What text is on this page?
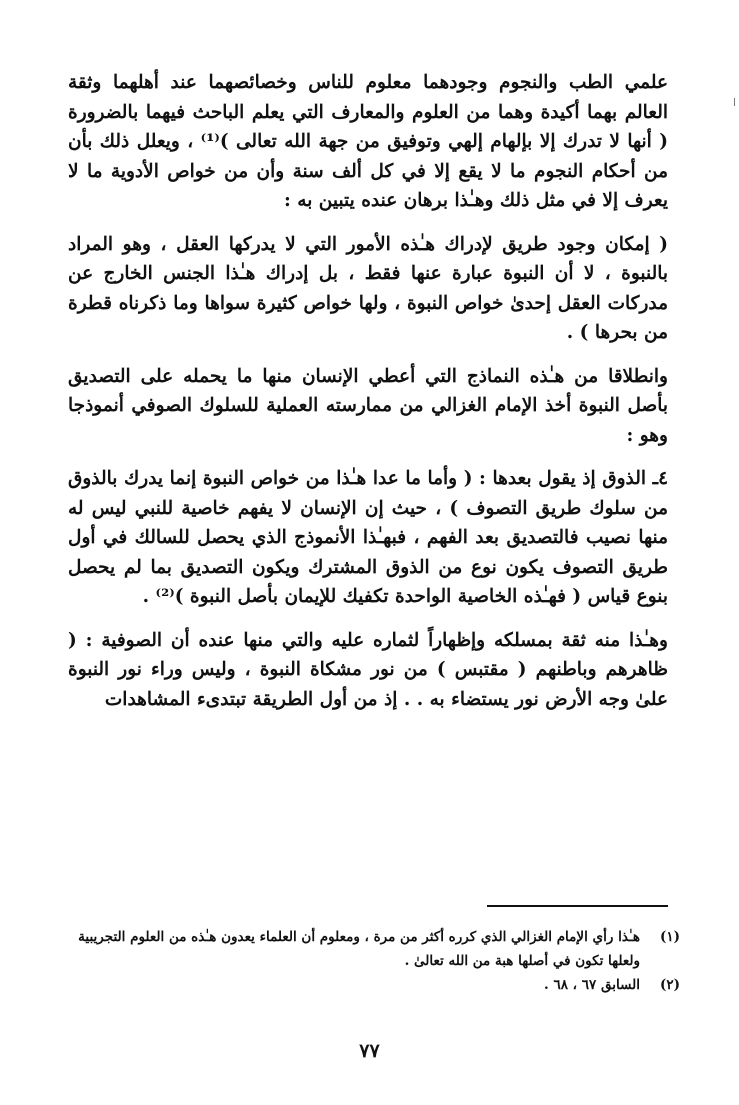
علمي الطب والنجوم وجودهما معلوم للناس وخصائصهما عند أهلهما وثقة العالم بهما أكيدة وهما من العلوم والمعارف التي يعلم الباحث فيهما بالضرورة ( أنها لا تدرك إلا بإلهام إلهي وتوفيق من جهة الله تعالى )⁽¹⁾ ، ويعلل ذلك بأن من أحكام النجوم ما لا يقع إلا في كل ألف سنة وأن من خواص الأدوية ما لا يعرف إلا في مثل ذلك وهـٰذا برهان عنده يتبين به :

( إمكان وجود طريق لإدراك هـٰذه الأمور التي لا يدركها العقل ، وهو المراد بالنبوة ، لا أن النبوة عبارة عنها فقط ، بل إدراك هـٰذا الجنس الخارج عن مدركات العقل إحدىٰ خواص النبوة ، ولها خواص كثيرة سواها وما ذكرناه قطرة من بحرها ) .

وانطلاقا من هـٰذه النماذج التي أعطي الإنسان منها ما يحمله على التصديق بأصل النبوة أخذ الإمام الغزالي من ممارسته العملية للسلوك الصوفي أنموذجا وهو :

٤ـ الذوق إذ يقول بعدها : ( وأما ما عدا هـٰذا من خواص النبوة إنما يدرك بالذوق من سلوك طريق التصوف ) ، حيث إن الإنسان لا يفهم خاصية للنبي ليس له منها نصيب فالتصديق بعد الفهم ، فبهـٰذا الأنموذج الذي يحصل للسالك في أول طريق التصوف يكون نوع من الذوق المشترك ويكون التصديق بما لم يحصل بنوع قياس ( فهـٰذه الخاصية الواحدة تكفيك للإيمان بأصل النبوة )⁽²⁾ .

وهـٰذا منه ثقة بمسلكه وإظهاراً لثماره عليه والتي منها عنده أن الصوفية : ( ظاهرهم وباطنهم ( مقتبس ) من نور مشكاة النبوة ، وليس وراء نور النبوة علىٰ وجه الأرض نور يستضاء به . . إذ من أول الطريقة تبتدىء المشاهدات

(١)
هـٰذا رأي الإمام الغزالي الذي كرره أكثر من مرة ، ومعلوم أن العلماء يعدون هـٰذه من العلوم التجريبية ولعلها تكون في أصلها هبة من الله تعالىٰ .
(٢)
السابق ٦٧ ، ٦٨ .
٧٧
